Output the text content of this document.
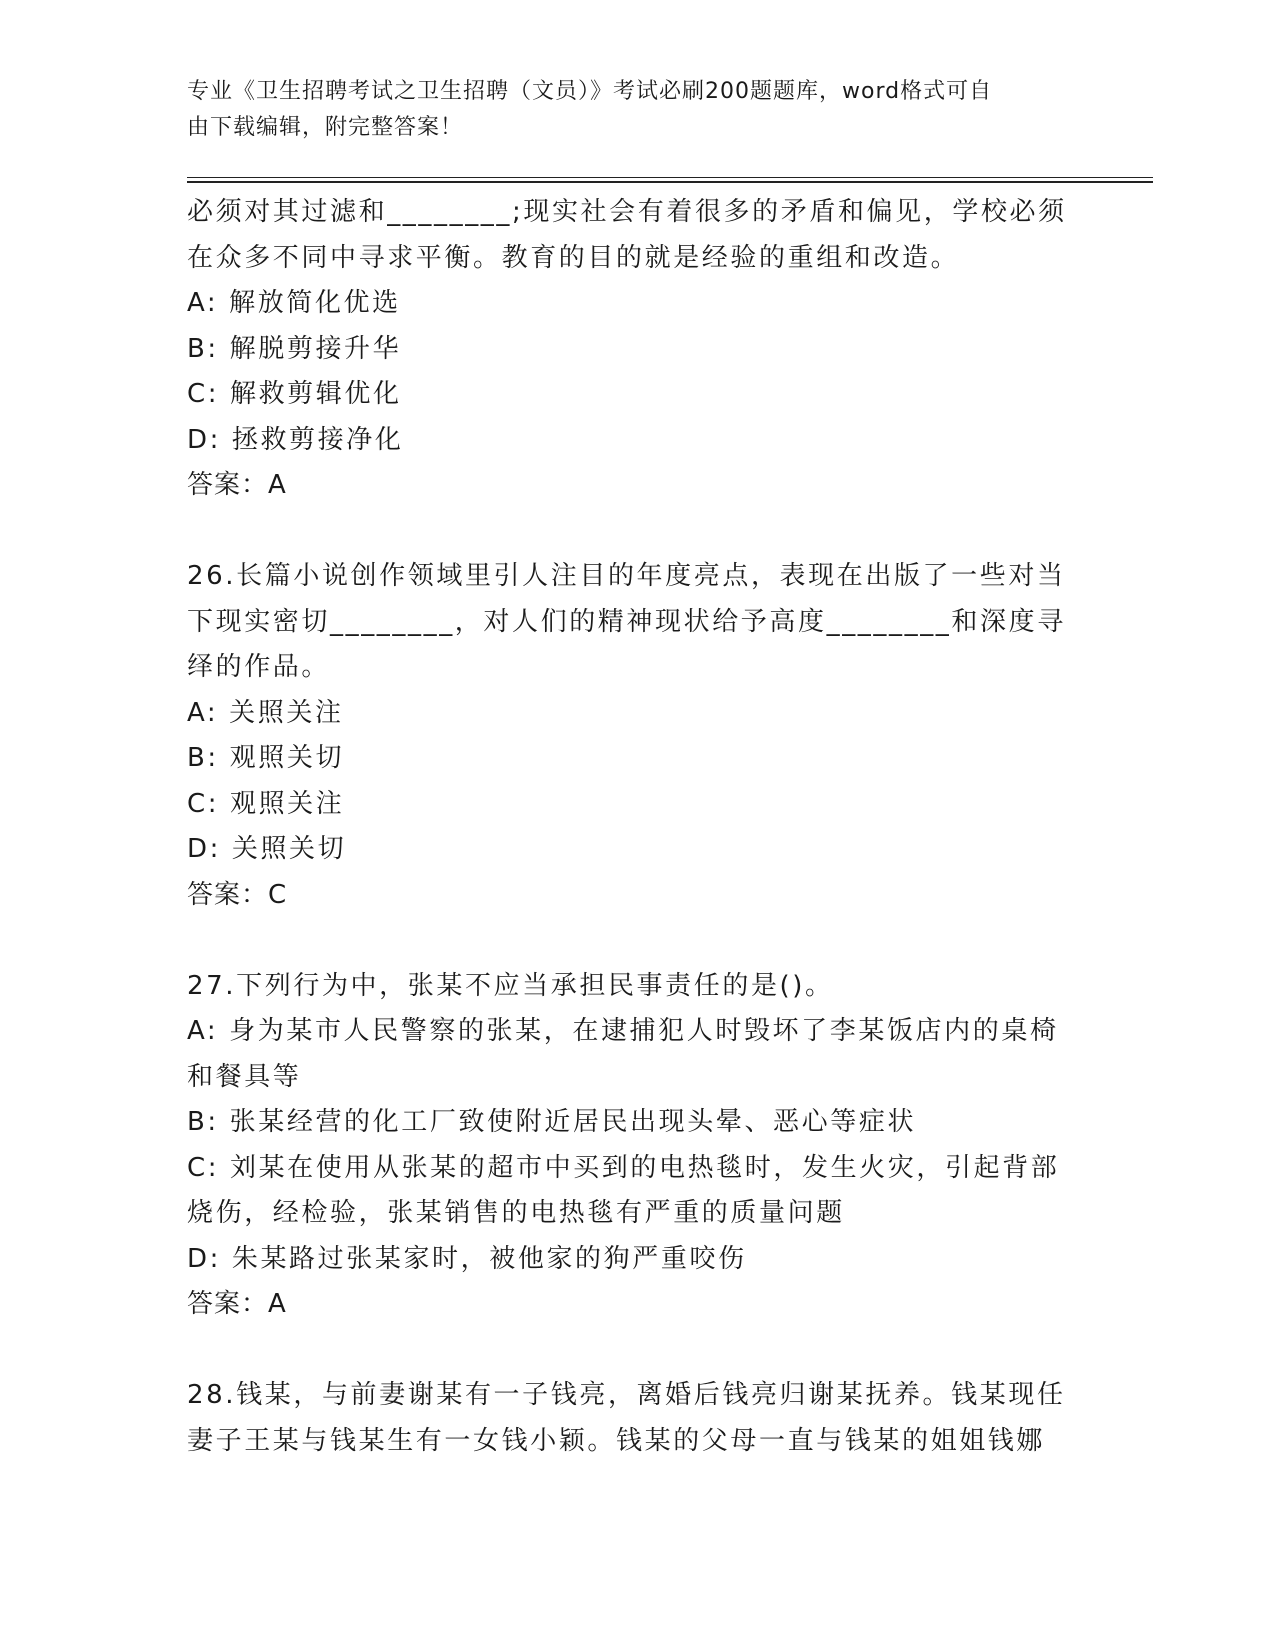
专业《卫生招聘考试之卫生招聘（文员）》考试必刷200题题库，word格式可自
由下载编辑，附完整答案！
必须对其过滤和________;现实社会有着很多的矛盾和偏见，学校必须
在众多不同中寻求平衡。教育的目的就是经验的重组和改造。
A: 解放简化优选
B: 解脱剪接升华
C: 解救剪辑优化
D: 拯救剪接净化
答案：A
26.长篇小说创作领域里引人注目的年度亮点，表现在出版了一些对当
下现实密切________，对人们的精神现状给予高度________和深度寻
绎的作品。
A: 关照关注
B: 观照关切
C: 观照关注
D: 关照关切
答案：C
27.下列行为中，张某不应当承担民事责任的是()。
A: 身为某市人民警察的张某，在逮捕犯人时毁坏了李某饭店内的桌椅
和餐具等
B: 张某经营的化工厂致使附近居民出现头晕、恶心等症状
C: 刘某在使用从张某的超市中买到的电热毯时，发生火灾，引起背部
烧伤，经检验，张某销售的电热毯有严重的质量问题
D: 朱某路过张某家时，被他家的狗严重咬伤
答案：A
28.钱某，与前妻谢某有一子钱亮，离婚后钱亮归谢某抚养。钱某现任
妻子王某与钱某生有一女钱小颖。钱某的父母一直与钱某的姐姐钱娜
